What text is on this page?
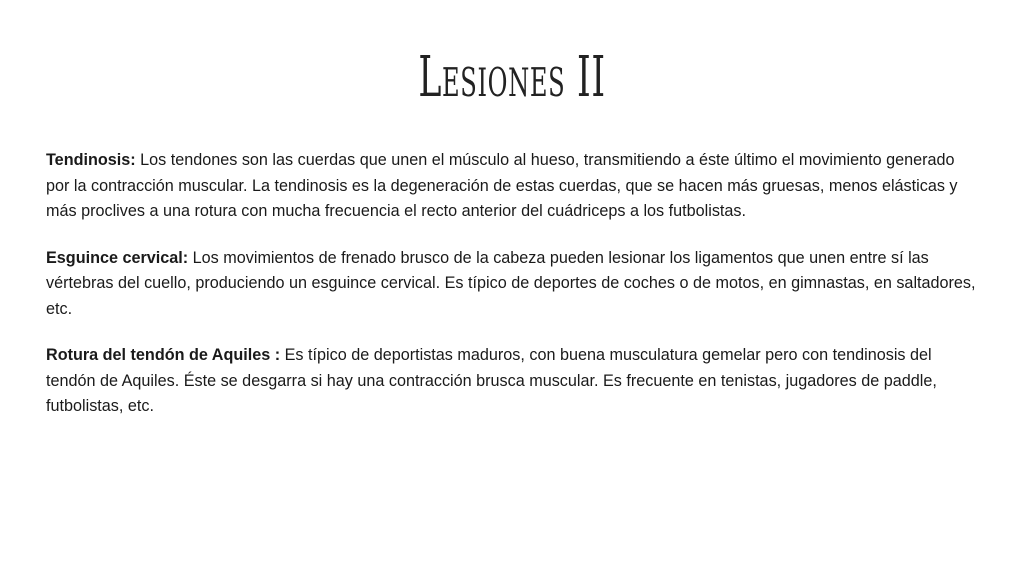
Lesiones II

Tendinosis: Los tendones son las cuerdas que unen el músculo al hueso, transmitiendo a éste último el movimiento generado por la contracción muscular. La tendinosis es la degeneración de estas cuerdas, que se hacen más gruesas, menos elásticas y más proclives a una rotura con mucha frecuencia el recto anterior del cuádriceps a los futbolistas.

Esguince cervical: Los movimientos de frenado brusco de la cabeza pueden lesionar los ligamentos que unen entre sí las vértebras del cuello, produciendo un esguince cervical. Es típico de deportes de coches o de motos, en gimnastas, en saltadores, etc.

Rotura del tendón de Aquiles : Es típico de deportistas maduros, con buena musculatura gemelar pero con tendinosis del tendón de Aquiles. Éste se desgarra si hay una contracción brusca muscular. Es frecuente en tenistas, jugadores de paddle, futbolistas, etc.
